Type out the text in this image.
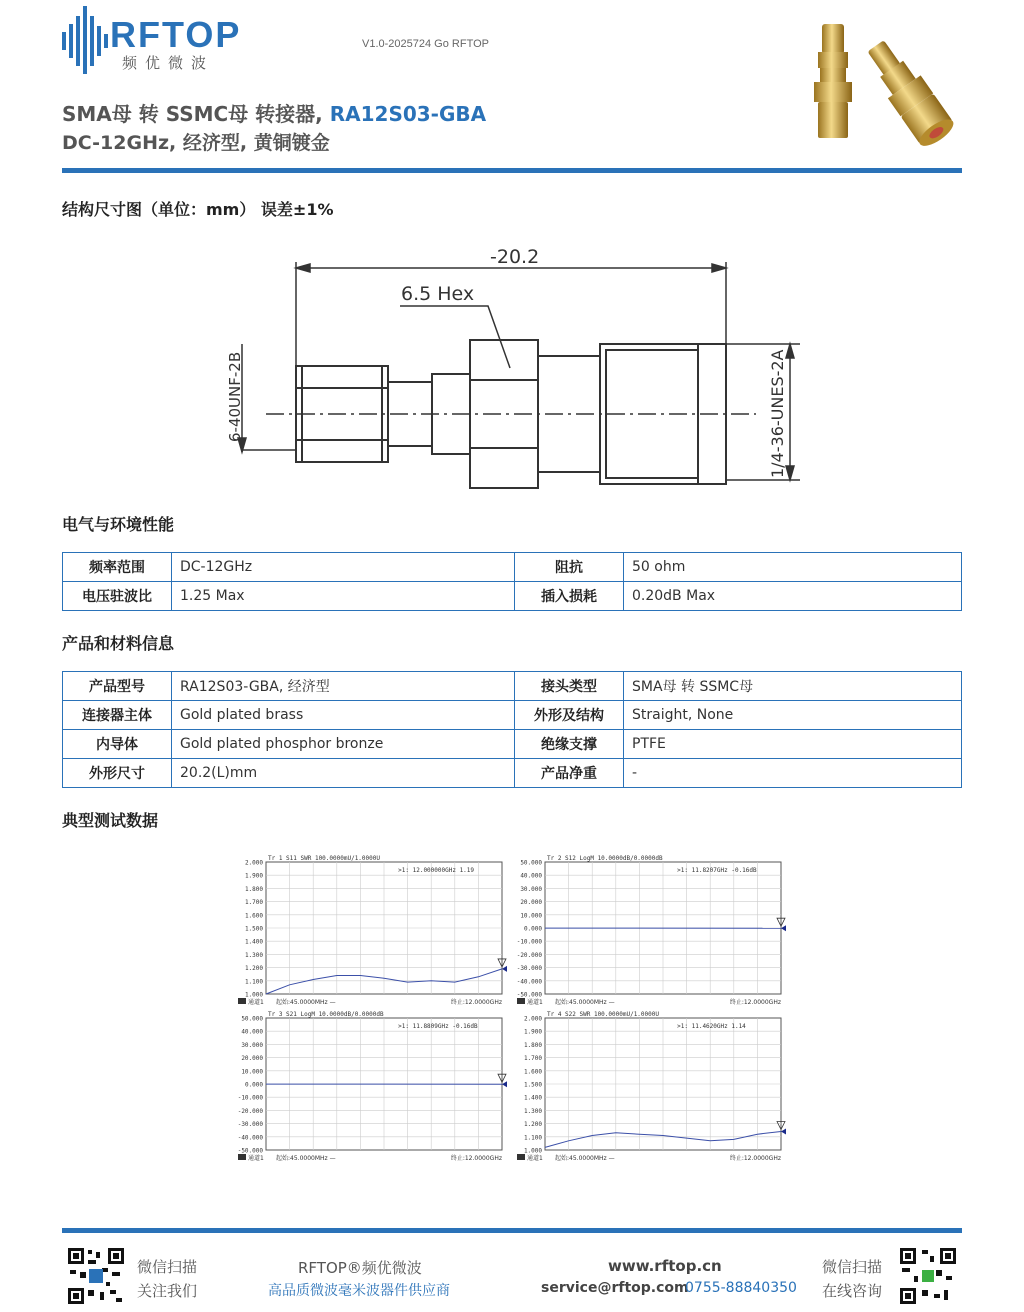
RFTOP
频优微波
V1.0-2025724 Go RFTOP
SMA母 转 SSMC母 转接器, RA12S03-GBA
DC-12GHz, 经济型, 黄铜镀金
结构尺寸图（单位：mm） 误差±1%
-20.2
6.5 Hex
6-40UNF-2B	1/4-36-UNES-2A
电气与环境性能
频率范围	DC-12GHz	阻抗	50 ohm
电压驻波比	1.25 Max	插入损耗	0.20dB Max
产品和材料信息
产品型号	RA12S03-GBA, 经济型	接头类型	SMA母 转 SSMC母
连接器主体	Gold plated brass	外形及结构	Straight, None
内导体	Gold plated phosphor bronze	绝缘支撑	PTFE
外形尺寸	20.2(L)mm	产品净重	-
典型测试数据
2.000
1.900
1.800
1.700
1.600
1.500
1.400
1.300
1.200
1.100
1.000
Tr 1 S11 SWR 100.0000mU/1.0000U
>1: 12.000000GHz 1.19
通道1 起始:45.0000MHz —	终止:12.0000GHz
50.000
40.000
30.000
20.000
10.000
0.000
-10.000
-20.000
-30.000
-40.000
-50.000
Tr 2 S12 LogM 10.0000dB/0.0000dB
>1: 11.8207GHz -0.16dB
通道1 起始:45.0000MHz —	终止:12.0000GHz
50.000
40.000
30.000
20.000
10.000
0.000
-10.000
-20.000
-30.000
-40.000
-50.000
Tr 3 S21 LogM 10.0000dB/0.0000dB
>1: 11.8809GHz -0.16dB
通道1 起始:45.0000MHz —	终止:12.0000GHz
2.000
1.900
1.800
1.700
1.600
1.500
1.400
1.300
1.200
1.100
1.000
Tr 4 S22 SWR 100.0000mU/1.0000U
>1: 11.4620GHz 1.14
通道1 起始:45.0000MHz —	终止:12.0000GHz
微信扫描
关注我们
RFTOP®频优微波
高品质微波毫米波器件供应商
www.rftop.cn
service@rftop.com
0755-88840350
微信扫描
在线咨询
